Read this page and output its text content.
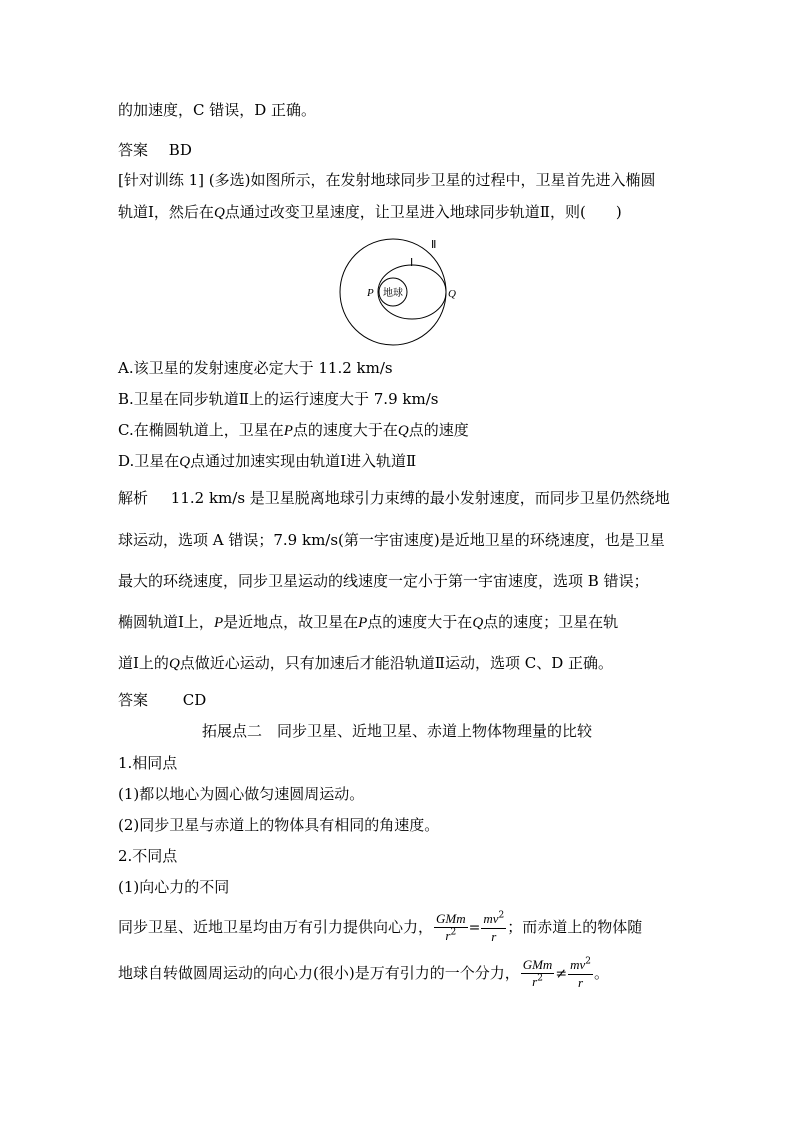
的加速度，C 错误，D 正确。
答案 BD
[针对训练 1] (多选)如图所示，在发射地球同步卫星的过程中，卫星首先进入椭圆
轨道Ⅰ，然后在Q点通过改变卫星速度，让卫星进入地球同步轨道Ⅱ，则(　　)
地球
P	Q
Ⅰ
Ⅱ
A.该卫星的发射速度必定大于 11.2 km/s
B.卫星在同步轨道Ⅱ上的运行速度大于 7.9 km/s
C.在椭圆轨道上，卫星在P点的速度大于在Q点的速度
D.卫星在Q点通过加速实现由轨道Ⅰ进入轨道Ⅱ
解析 11.2 km/s 是卫星脱离地球引力束缚的最小发射速度，而同步卫星仍然绕地
球运动，选项 A 错误；7.9 km/s(第一宇宙速度)是近地卫星的环绕速度，也是卫星
最大的环绕速度，同步卫星运动的线速度一定小于第一宇宙速度，选项 B 错误；
椭圆轨道Ⅰ上，P是近地点，故卫星在P点的速度大于在Q点的速度；卫星在轨
道Ⅰ上的Q点做近心运动，只有加速后才能沿轨道Ⅱ运动，选项 C、D 正确。
答案 CD
拓展点二　同步卫星、近地卫星、赤道上物体物理量的比较
1.相同点
(1)都以地心为圆心做匀速圆周运动。
(2)同步卫星与赤道上的物体具有相同的角速度。
2.不同点
(1)向心力的不同
同步卫星、近地卫星均由万有引力提供向心力， $\frac{\text{GMm}}{r^2} = \frac{mv^2}{r}$ ；而赤道上的物体随
地球自转做圆周运动的向心力(很小)是万有引力的一个分力， $\frac{\text{GMm}}{r^2} \ne \frac{mv^2}{r}$ 。
